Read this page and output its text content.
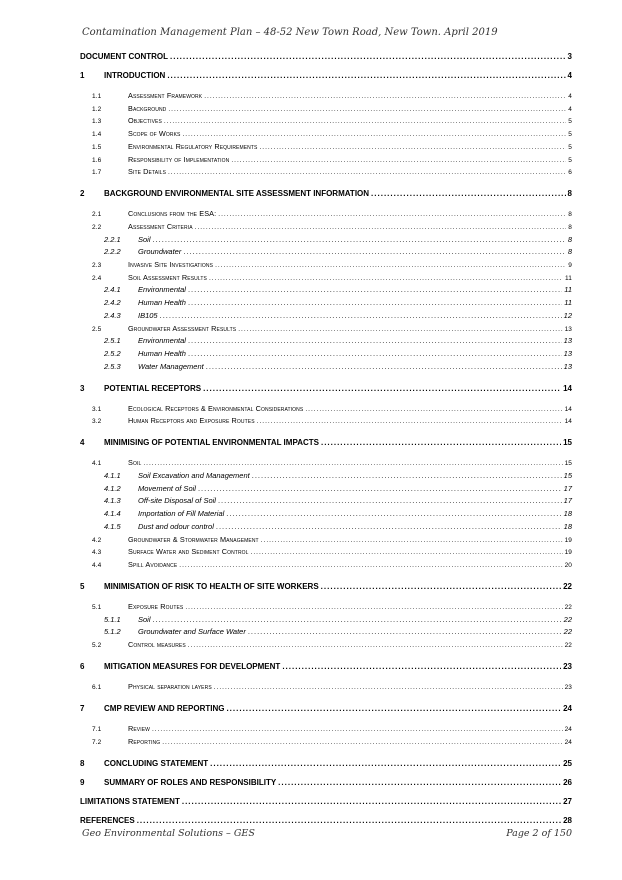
Contamination Management Plan – 48-52 New Town Road, New Town. April 2019
DOCUMENT CONTROL .....	3
1	INTRODUCTION .....	4
1.1	Assessment Framework .....	4
1.2	Background .....	4
1.3	Objectives .....	5
1.4	Scope of Works .....	5
1.5	Environmental Regulatory Requirements .....	5
1.6	Responsibility of Implementation .....	5
1.7	Site Details .....	6
2	BACKGROUND ENVIRONMENTAL SITE ASSESSMENT INFORMATION .....	8
2.1	Conclusions from the ESA: .....	8
2.2	Assessment Criteria .....	8
2.2.1	Soil .....	8
2.2.2	Groundwater .....	8
2.3	Invasive Site Investigations .....	9
2.4	Soil Assessment Results .....	11
2.4.1	Environmental .....	11
2.4.2	Human Health .....	11
2.4.3	IB105 .....	12
2.5	Groundwater Assessment Results .....	13
2.5.1	Environmental .....	13
2.5.2	Human Health .....	13
2.5.3	Water Management .....	13
3	POTENTIAL RECEPTORS .....	14
3.1	Ecological Receptors & Environmental Considerations .....	14
3.2	Human Receptors and Exposure Routes .....	14
4	MINIMISING OF POTENTIAL ENVIRONMENTAL IMPACTS .....	15
4.1	Soil .....	15
4.1.1	Soil Excavation and Management .....	15
4.1.2	Movement of Soil .....	17
4.1.3	Off-site Disposal of Soil .....	17
4.1.4	Importation of Fill Material .....	18
4.1.5	Dust and odour control .....	18
4.2	Groundwater & Stormwater Management .....	19
4.3	Surface Water and Sediment Control .....	19
4.4	Spill Avoidance .....	20
5	MINIMISATION OF RISK TO HEALTH OF SITE WORKERS .....	22
5.1	Exposure Routes .....	22
5.1.1	Soil .....	22
5.1.2	Groundwater and Surface Water .....	22
5.2	Control measures .....	22
6	MITIGATION MEASURES FOR DEVELOPMENT .....	23
6.1	Physical separation layers .....	23
7	CMP REVIEW AND REPORTING .....	24
7.1	Review .....	24
7.2	Reporting .....	24
8	CONCLUDING STATEMENT .....	25
9	SUMMARY OF ROLES AND RESPONSIBILITY .....	26
LIMITATIONS STATEMENT .....	27
REFERENCES .....	28
Geo Environmental Solutions – GES	Page 2 of 150
